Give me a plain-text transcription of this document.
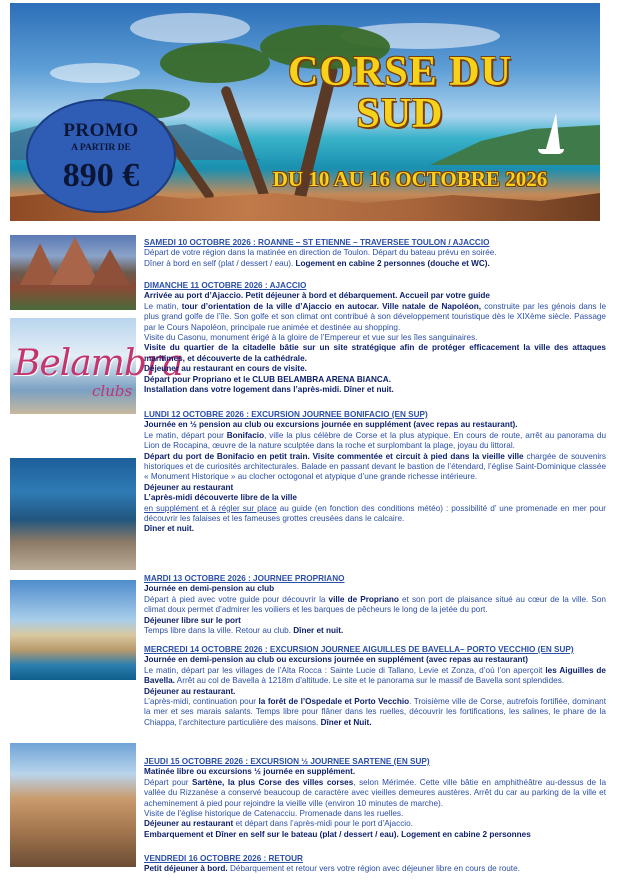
CORSE DU
SUD
DU 10 AU 16 OCTOBRE 2026
PROMO
A PARTIR DE
890 €
Belambra
clubs

SAMEDI 10 OCTOBRE 2026 : ROANNE – ST ETIENNE – TRAVERSEE TOULON / AJACCIO

Départ de votre région dans la matinée en direction de Toulon. Départ du bateau prévu en soirée.

Dîner à bord en self (plat / dessert / eau). Logement en cabine 2 personnes (douche et WC).

DIMANCHE 11 OCTOBRE 2026 : AJACCIO

Arrivée au port d’Ajaccio. Petit déjeuner à bord et débarquement. Accueil par votre guide

Le matin, tour d’orientation de la ville d’Ajaccio en autocar. Ville natale de Napoléon, construite par les génois dans le plus grand golfe de l’île. Son golfe et son climat ont contribué à son développement touristique dès le XIXème siècle. Passage par le Cours Napoléon, principale rue animée et destinée au shopping.

Visite du Casonu, monument érigé à la gloire de l’Empereur et vue sur les îles sanguinaires.

Visite du quartier de la citadelle bâtie sur un site stratégique afin de protéger efficacement la ville des attaques maritimes, et découverte de la cathédrale.

Déjeuner au restaurant en cours de visite.

Départ pour Propriano et le CLUB BELAMBRA ARENA BIANCA.

Installation dans votre logement dans l’après-midi. Dîner et nuit.

LUNDI 12 OCTOBRE 2026 : EXCURSION JOURNEE BONIFACIO (EN SUP)

Journée en ½ pension au club ou excursions journée en supplément (avec repas au restaurant).

Le matin, départ pour Bonifacio, ville la plus célèbre de Corse et la plus atypique. En cours de route, arrêt au panorama du Lion de Rocapina, œuvre de la nature sculptée dans la roche et surplombant la plage, joyau du littoral.

Départ du port de Bonifacio en petit train. Visite commentée et circuit à pied dans la vieille ville chargée de souvenirs historiques et de curiosités architecturales. Balade en passant devant le bastion de l’étendard, l’église Saint-Dominique classée « Monument Historique » au clocher octogonal et atypique d’une grande richesse intérieure.

Déjeuner au restaurant

L’après-midi découverte libre de la ville

en supplément et à régler sur place au guide (en fonction des conditions météo) : possibilité d’ une promenade en mer pour découvrir les falaises et les fameuses grottes creusées dans le calcaire.

Dîner et nuit.

MARDI 13 OCTOBRE 2026 : JOURNEE PROPRIANO

Journée en demi-pension au club

Départ à pied avec votre guide pour découvrir la ville de Propriano et son port de plaisance situé au cœur de la ville. Son climat doux permet d’admirer les voiliers et les barques de pêcheurs le long de la jetée du port.

Déjeuner libre sur le port

Temps libre dans la ville. Retour au club. Dîner et nuit.

MERCREDI 14 OCTOBRE 2026 : EXCURSION JOURNEE AIGUILLES DE BAVELLA– PORTO VECCHIO (EN SUP)

Journée en demi-pension au club ou excursions journée en supplément (avec repas au restaurant)

Le matin, départ par les villages de l’Alta Rocca : Sainte Lucie di Tallano, Levie et Zonza, d’où l’on aperçoit les Aiguilles de Bavella. Arrêt au col de Bavella à 1218m d’altitude. Le site et le panorama sur le massif de Bavella sont splendides.

Déjeuner au restaurant.

L’après-midi, continuation pour la forêt de l’Ospedale et Porto Vecchio. Troisième ville de Corse, autrefois fortifiée, dominant la mer et ses marais salants. Temps libre pour flâner dans les ruelles, découvrir les fortifications, les salines, le phare de la Chiappa, l’architecture particulière des maisons. Dîner et Nuit.

JEUDI 15 OCTOBRE 2026 : EXCURSION ½ JOURNEE SARTENE (EN SUP)

Matinée libre ou excursions ½ journée en supplément.

Départ pour Sartène, la plus Corse des villes corses, selon Mérimée. Cette ville bâtie en amphithéâtre au-dessus de la vallée du Rizzanèse a conservé beaucoup de caractère avec vieilles demeures austères. Arrêt du car au parking de la ville et acheminement à pied pour rejoindre la vieille ville (environ 10 minutes de marche).

Visite de l’église historique de Catenacciu. Promenade dans les ruelles.

Déjeuner au restaurant et départ dans l’après-midi pour le port d’Ajaccio.

Embarquement et Dîner en self sur le bateau (plat / dessert / eau). Logement en cabine 2 personnes

VENDREDI 16 OCTOBRE 2026 : RETOUR

Petit déjeuner à bord. Débarquement et retour vers votre région avec déjeuner libre en cours de route.
